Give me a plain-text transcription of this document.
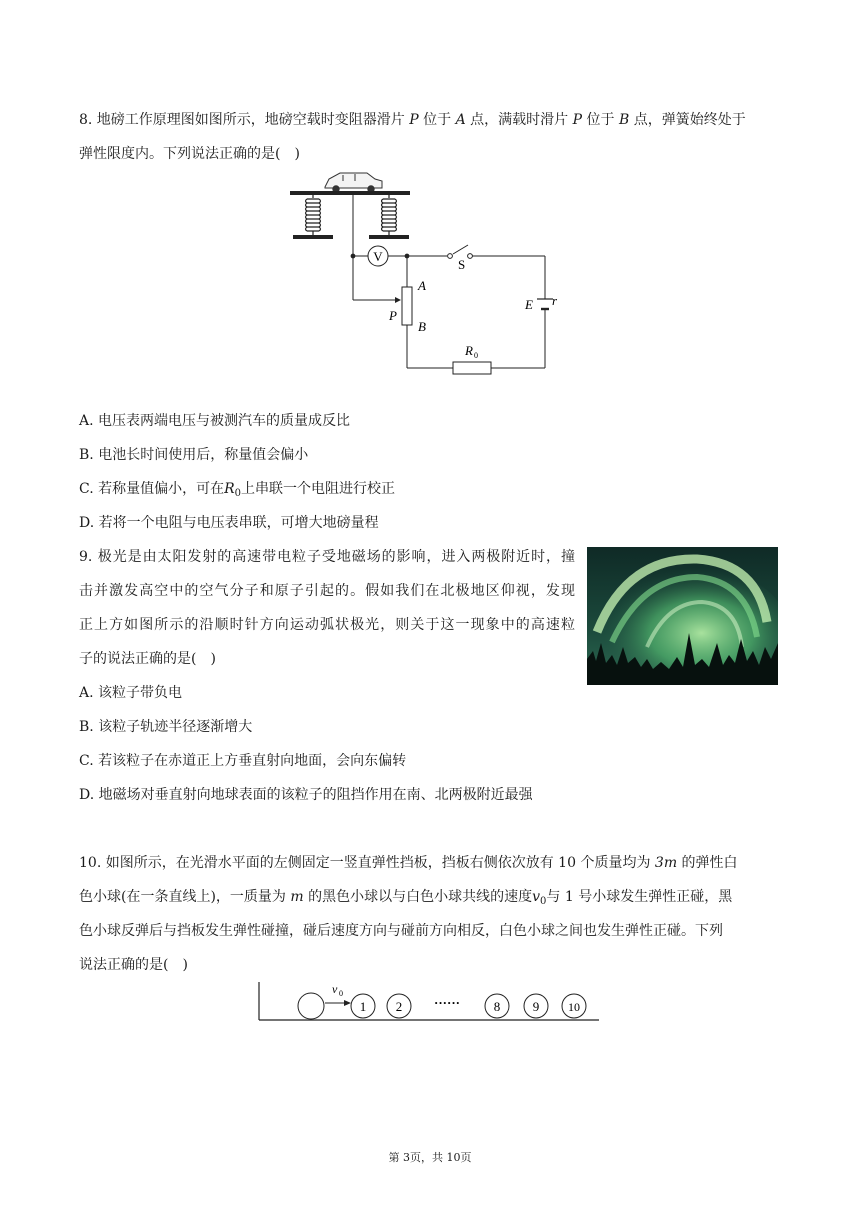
8. 地磅工作原理图如图所示，地磅空载时变阻器滑片 P 位于 A 点，满载时滑片 P 位于 B 点，弹簧始终处于
弹性限度内。下列说法正确的是(　)
V
S
A
P
B
E r
R 0
A. 电压表两端电压与被测汽车的质量成反比
B. 电池长时间使用后，称量值会偏小
C. 若称量值偏小，可在$R_0$上串联一个电阻进行校正
D. 若将一个电阻与电压表串联，可增大地磅量程
9. 极光是由太阳发射的高速带电粒子受地磁场的影响，进入两极附近时，撞
击并激发高空中的空气分子和原子引起的。假如我们在北极地区仰视，发现
正上方如图所示的沿顺时针方向运动弧状极光，则关于这一现象中的高速粒
子的说法正确的是(　)
A. 该粒子带负电
B. 该粒子轨迹半径逐渐增大
C. 若该粒子在赤道正上方垂直射向地面，会向东偏转
D. 地磁场对垂直射向地球表面的该粒子的阻挡作用在南、北两极附近最强
10. 如图所示，在光滑水平面的左侧固定一竖直弹性挡板，挡板右侧依次放有 10 个质量均为 3m 的弹性白
色小球(在一条直线上)，一质量为 m 的黑色小球以与白色小球共线的速度$v_0$与 1 号小球发生弹性正碰，黑
色小球反弹后与挡板发生弹性碰撞，碰后速度方向与碰前方向相反，白色小球之间也发生弹性正碰。下列
说法正确的是(　)
v 0
1 2 ······	8	9 10
第 3页，共 10页
